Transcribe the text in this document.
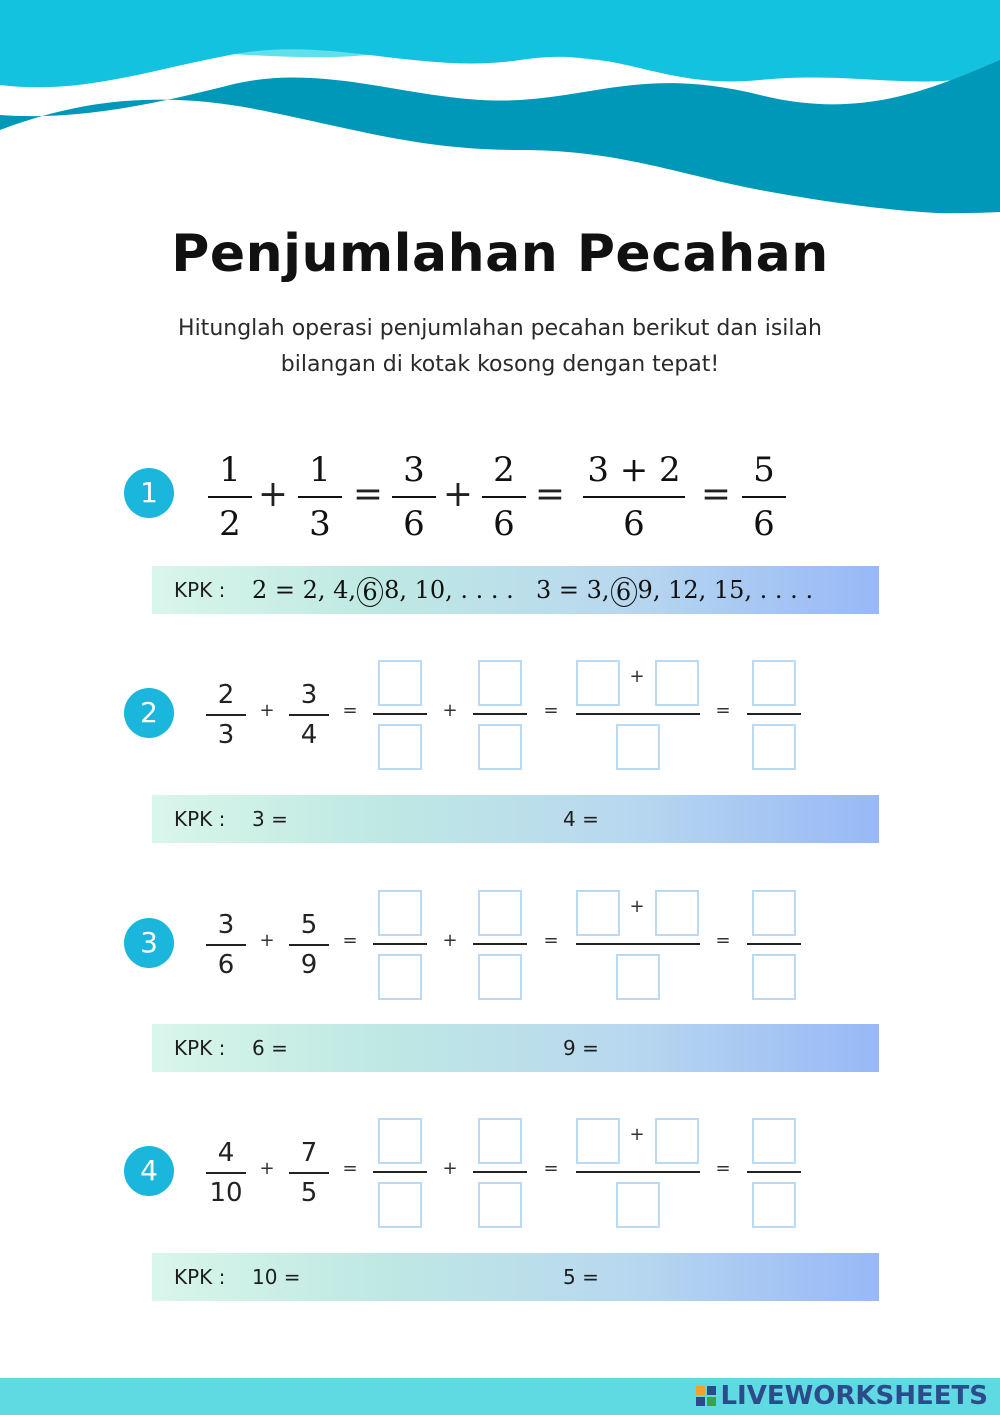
Penjumlahan Pecahan
Hitunglah operasi penjumlahan pecahan berikut dan isilah
bilangan di kotak kosong dengan tepat!
1
1
2
+
1
3
=
3
6
+
2
6
=
3 + 2
6
=
5
6
KPK : 2 = 2, 4, 6 8, 10, . . . . 3 = 3, 6 9, 12, 15, . . . .
2
2
3
+
3
4
=	+	=
+
=
KPK : 3 =	4 =
3
3
6
+
5
9
=	+	=
+
=
KPK : 6 =	9 =
4
4
10
+
7
5
=	+	=
+
=
KPK : 10 =	5 =
LIVEWORKSHEETS
